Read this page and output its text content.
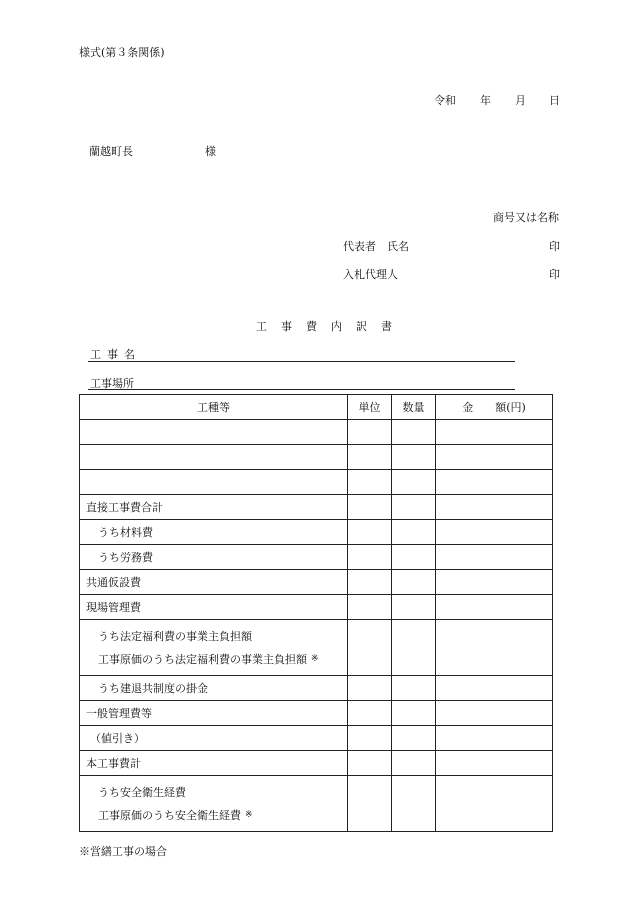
様式(第３条関係)
令和 年 月 日
蘭越町長	様
商号又は名称
代表者　氏名	印
入札代理人	印
工事費内訳書
工事名
工事場所
工種等	単位	数量	金　　額(円)

直接工事費合計			
うち材料費			
うち労務費			
共通仮設費			
現場管理費			

うち法定福利費の事業主負担額
工事原価のうち法定福利費の事業主負担額 ※

うち建退共制度の掛金			
一般管理費等			
（値引き）			
本工事費計			

うち安全衛生経費
工事原価のうち安全衛生経費 ※

※営繕工事の場合
